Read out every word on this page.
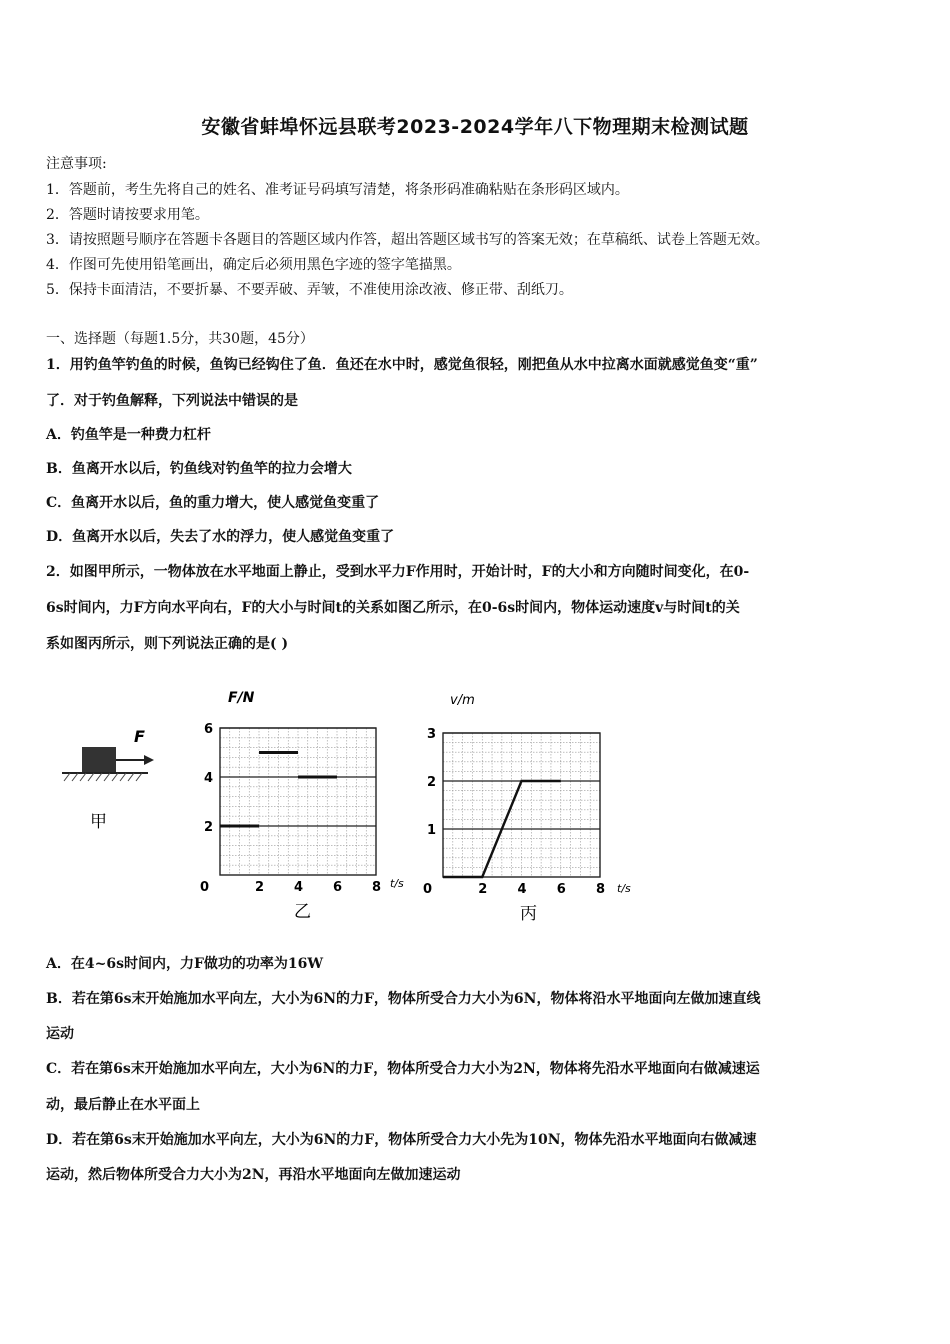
安徽省蚌埠怀远县联考2023-2024学年八下物理期末检测试题
注意事项:
1．答题前，考生先将自己的姓名、准考证号码填写清楚，将条形码准确粘贴在条形码区域内。
2．答题时请按要求用笔。
3．请按照题号顺序在答题卡各题目的答题区域内作答，超出答题区域书写的答案无效；在草稿纸、试卷上答题无效。
4．作图可先使用铅笔画出，确定后必须用黑色字迹的签字笔描黑。
5．保持卡面清洁，不要折暴、不要弄破、弄皱，不准使用涂改液、修正带、刮纸刀。
一、选择题（每题1.5分，共30题，45分）
1．用钓鱼竿钓鱼的时候，鱼钩已经钩住了鱼．鱼还在水中时，感觉鱼很轻，刚把鱼从水中拉离水面就感觉鱼变“重”
了．对于钓鱼解释，下列说法中错误的是
A．钓鱼竿是一种费力杠杆
B．鱼离开水以后，钓鱼线对钓鱼竿的拉力会增大
C．鱼离开水以后，鱼的重力增大，使人感觉鱼变重了
D．鱼离开水以后，失去了水的浮力，使人感觉鱼变重了
2．如图甲所示，一物体放在水平地面上静止，受到水平力F作用时，开始计时，F的大小和方向随时间变化，在0-
6s时间内，力F方向水平向右，F的大小与时间t的关系如图乙所示，在0-6s时间内，物体运动速度v与时间t的关
系如图丙所示，则下列说法正确的是( )
F
甲
0	2 4 6 8
2
4
6
F/N
t/s
乙
0	2 4 6 8
1
2
3
v/m
t/s
丙
A．在4~6s时间内，力F做功的功率为16W
B．若在第6s末开始施加水平向左，大小为6N的力F，物体所受合力大小为6N，物体将沿水平地面向左做加速直线
运动
C．若在第6s末开始施加水平向左，大小为6N的力F，物体所受合力大小为2N，物体将先沿水平地面向右做减速运
动，最后静止在水平面上
D．若在第6s末开始施加水平向左，大小为6N的力F，物体所受合力大小先为10N，物体先沿水平地面向右做减速
运动，然后物体所受合力大小为2N，再沿水平地面向左做加速运动
